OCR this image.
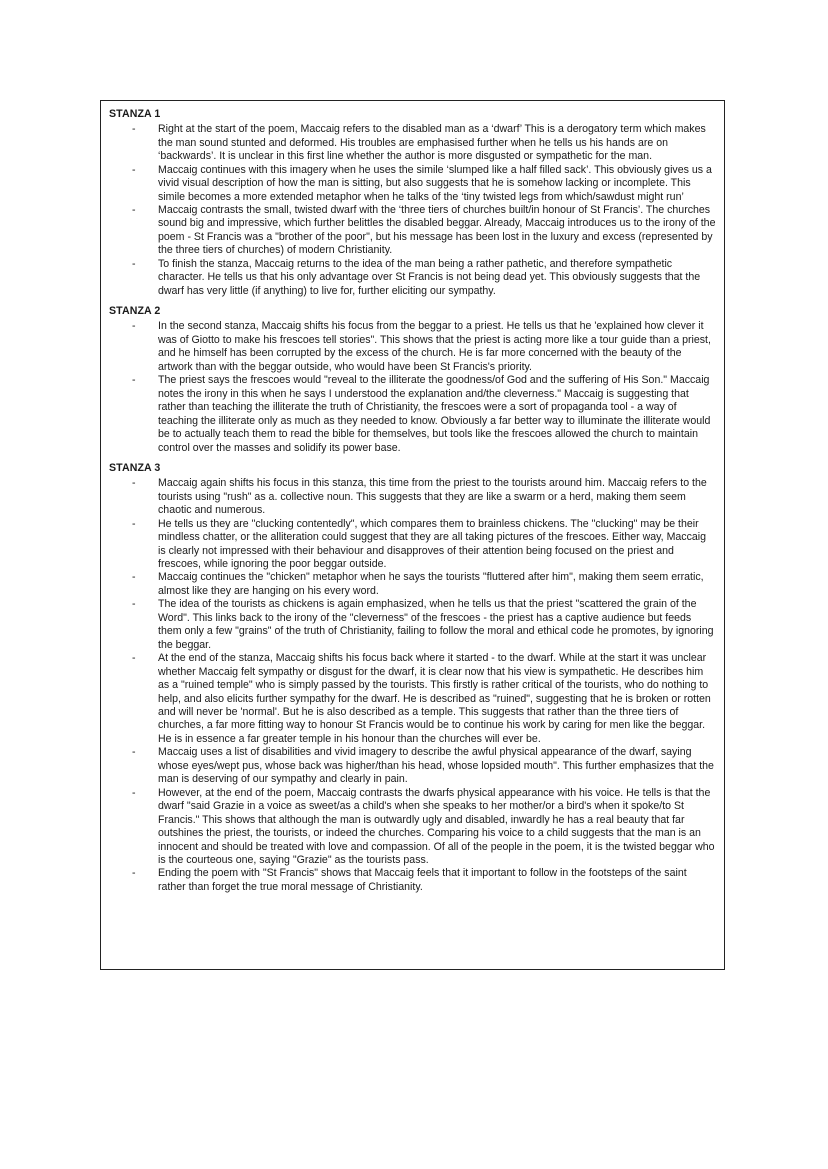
STANZA 1
- Right at the start of the poem, Maccaig refers to the disabled man as a ‘dwarf’ This is a derogatory term which makes the man sound stunted and deformed. His troubles are emphasised further when he tells us his hands are on ‘backwards’. It is unclear in this first line whether the author is more disgusted or sympathetic for the man.
- Maccaig continues with this imagery when he uses the simile ‘slumped like a half filled sack’. This obviously gives us a vivid visual description of how the man is sitting, but also suggests that he is somehow lacking or incomplete. This simile becomes a more extended metaphor when he talks of the ‘tiny twisted legs from which/sawdust might run’
- Maccaig contrasts the small, twisted dwarf with the ‘three tiers of churches built/in honour of St Francis’. The churches sound big and impressive, which further belittles the disabled beggar. Already, Maccaig introduces us to the irony of the poem - St Francis was a "brother of the poor", but his message has been lost in the luxury and excess (represented by the three tiers of churches) of modern Christianity.
- To finish the stanza, Maccaig returns to the idea of the man being a rather pathetic, and therefore sympathetic character. He tells us that his only advantage over St Francis is not being dead yet. This obviously suggests that the dwarf has very little (if anything) to live for, further eliciting our sympathy.
STANZA 2
- In the second stanza, Maccaig shifts his focus from the beggar to a priest. He tells us that he 'explained how clever it was of Giotto to make his frescoes tell stories". This shows that the priest is acting more like a tour guide than a priest, and he himself has been corrupted by the excess of the church. He is far more concerned with the beauty of the artwork than with the beggar outside, who would have been St Francis's priority.
- The priest says the frescoes would "reveal to the illiterate the goodness/of God and the suffering of His Son." Maccaig notes the irony in this when he says I understood the explanation and/the cleverness." Maccaig is suggesting that rather than teaching the illiterate the truth of Christianity, the frescoes were a sort of propaganda tool - a way of teaching the illiterate only as much as they needed to know. Obviously a far better way to illuminate the illiterate would be to actually teach them to read the bible for themselves, but tools like the frescoes allowed the church to maintain control over the masses and solidify its power base.
STANZA 3
- Maccaig again shifts his focus in this stanza, this time from the priest to the tourists around him. Maccaig refers to the tourists using "rush" as a. collective noun. This suggests that they are like a swarm or a herd, making them seem chaotic and numerous.
- He tells us they are "clucking contentedly", which compares them to brainless chickens. The "clucking" may be their mindless chatter, or the alliteration could suggest that they are all taking pictures of the frescoes. Either way, Maccaig is clearly not impressed with their behaviour and disapproves of their attention being focused on the priest and frescoes, while ignoring the poor beggar outside.
- Maccaig continues the "chicken" metaphor when he says the tourists "fluttered after him", making them seem erratic, almost like they are hanging on his every word.
- The idea of the tourists as chickens is again emphasized, when he tells us that the priest "scattered the grain of the Word". This links back to the irony of the "cleverness" of the frescoes - the priest has a captive audience but feeds them only a few "grains" of the truth of Christianity, failing to follow the moral and ethical code he promotes, by ignoring the beggar.
- At the end of the stanza, Maccaig shifts his focus back where it started - to the dwarf. While at the start it was unclear whether Maccaig felt sympathy or disgust for the dwarf, it is clear now that his view is sympathetic. He describes him as a "ruined temple" who is simply passed by the tourists. This firstly is rather critical of the tourists, who do nothing to help, and also elicits further sympathy for the dwarf. He is described as "ruined", suggesting that he is broken or rotten and will never be 'normal'. But he is also described as a temple. This suggests that rather than the three tiers of churches, a far more fitting way to honour St Francis would be to continue his work by caring for men like the beggar. He is in essence a far greater temple in his honour than the churches will ever be.
- Maccaig uses a list of disabilities and vivid imagery to describe the awful physical appearance of the dwarf, saying whose eyes/wept pus, whose back was higher/than his head, whose lopsided mouth". This further emphasizes that the man is deserving of our sympathy and clearly in pain.
- However, at the end of the poem, Maccaig contrasts the dwarfs physical appearance with his voice. He tells is that the dwarf "said Grazie in a voice as sweet/as a child's when she speaks to her mother/or a bird's when it spoke/to St Francis." This shows that although the man is outwardly ugly and disabled, inwardly he has a real beauty that far outshines the priest, the tourists, or indeed the churches. Comparing his voice to a child suggests that the man is an innocent and should be treated with love and compassion. Of all of the people in the poem, it is the twisted beggar who is the courteous one, saying "Grazie" as the tourists pass.
- Ending the poem with "St Francis" shows that Maccaig feels that it important to follow in the footsteps of the saint rather than forget the true moral message of Christianity.
